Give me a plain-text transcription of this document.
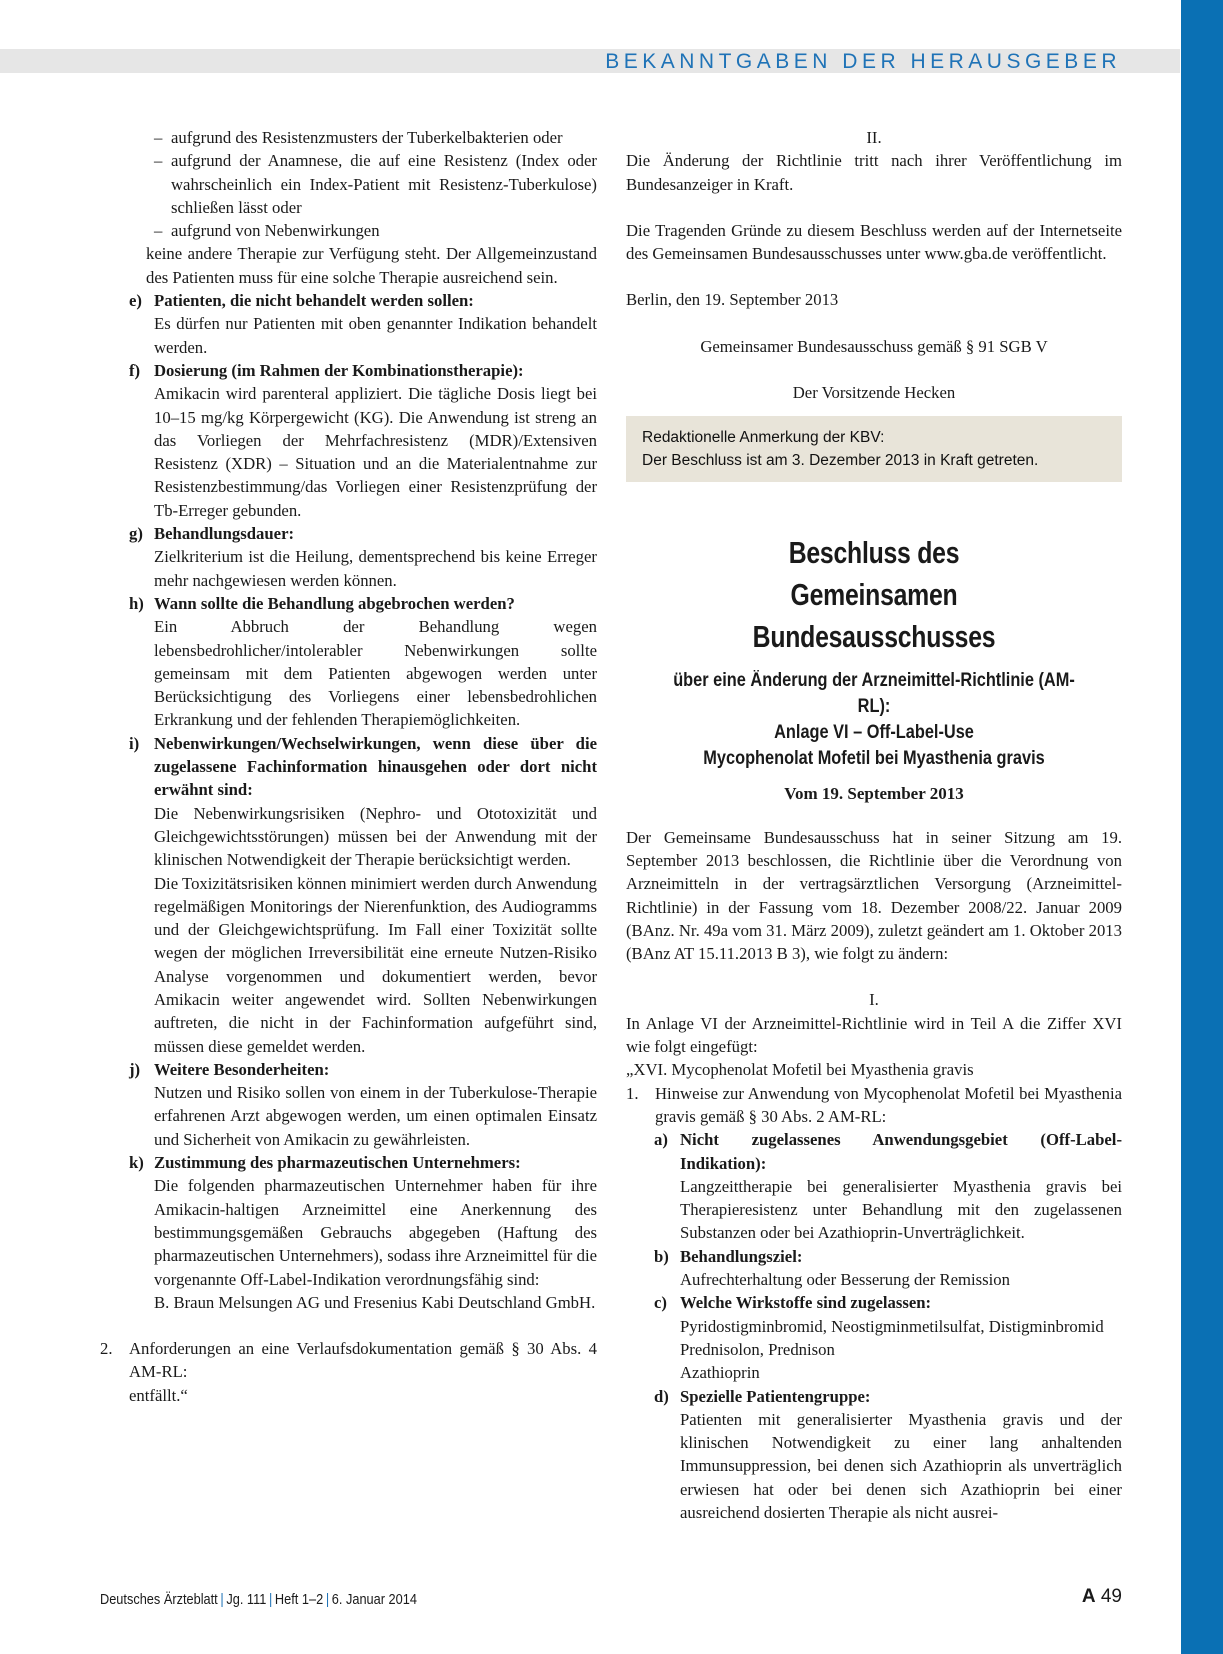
BEKANNTGABEN DER HERAUSGEBER
– aufgrund des Resistenzmusters der Tuberkelbakterien oder
– aufgrund der Anamnese, die auf eine Resistenz (Index oder wahrscheinlich ein Index-Patient mit Resistenz-Tuberkulose) schließen lässt oder
– aufgrund von Nebenwirkungen
keine andere Therapie zur Verfügung steht. Der Allgemeinzustand des Patienten muss für eine solche Therapie ausreichend sein.
e) Patienten, die nicht behandelt werden sollen:
Es dürfen nur Patienten mit oben genannter Indikation behandelt werden.
f) Dosierung (im Rahmen der Kombinationstherapie):
Amikacin wird parenteral appliziert. Die tägliche Dosis liegt bei 10–15 mg/kg Körpergewicht (KG). Die Anwendung ist streng an das Vorliegen der Mehrfachresistenz (MDR)/Extensiven Resistenz (XDR) – Situation und an die Materialentnahme zur Resistenzbestimmung/das Vorliegen einer Resistenzprüfung der Tb-Erreger gebunden.
g) Behandlungsdauer:
Zielkriterium ist die Heilung, dementsprechend bis keine Erreger mehr nachgewiesen werden können.
h) Wann sollte die Behandlung abgebrochen werden?
Ein Abbruch der Behandlung wegen lebensbedrohlicher/intolerabler Nebenwirkungen sollte gemeinsam mit dem Patienten abgewogen werden unter Berücksichtigung des Vorliegens einer lebensbedrohlichen Erkrankung und der fehlenden Therapiemöglichkeiten.
i) Nebenwirkungen/Wechselwirkungen, wenn diese über die zugelassene Fachinformation hinausgehen oder dort nicht erwähnt sind:
Die Nebenwirkungsrisiken (Nephro- und Ototoxizität und Gleichgewichtsstörungen) müssen bei der Anwendung mit der klinischen Notwendigkeit der Therapie berücksichtigt werden.
Die Toxizitätsrisiken können minimiert werden durch Anwendung regelmäßigen Monitorings der Nierenfunktion, des Audiogramms und der Gleichgewichtsprüfung. Im Fall einer Toxizität sollte wegen der möglichen Irreversibilität eine erneute Nutzen-Risiko Analyse vorgenommen und dokumentiert werden, bevor Amikacin weiter angewendet wird. Sollten Nebenwirkungen auftreten, die nicht in der Fachinformation aufgeführt sind, müssen diese gemeldet werden.
j) Weitere Besonderheiten:
Nutzen und Risiko sollen von einem in der Tuberkulose-Therapie erfahrenen Arzt abgewogen werden, um einen optimalen Einsatz und Sicherheit von Amikacin zu gewährleisten.
k) Zustimmung des pharmazeutischen Unternehmers:
Die folgenden pharmazeutischen Unternehmer haben für ihre Amikacin-haltigen Arzneimittel eine Anerkennung des bestimmungsgemäßen Gebrauchs abgegeben (Haftung des pharmazeutischen Unternehmers), sodass ihre Arzneimittel für die vorgenannte Off-Label-Indikation verordnungsfähig sind:
B. Braun Melsungen AG und Fresenius Kabi Deutschland GmbH.
2. Anforderungen an eine Verlaufsdokumentation gemäß § 30 Abs. 4 AM-RL:
entfällt.“
II.
Die Änderung der Richtlinie tritt nach ihrer Veröffentlichung im Bundesanzeiger in Kraft.
Die Tragenden Gründe zu diesem Beschluss werden auf der Internetseite des Gemeinsamen Bundesausschusses unter www.gba.de veröffentlicht.
Berlin, den 19. September 2013
Gemeinsamer Bundesausschuss gemäß § 91 SGB V
Der Vorsitzende Hecken
Redaktionelle Anmerkung der KBV:
Der Beschluss ist am 3. Dezember 2013 in Kraft getreten.
Beschluss des
Gemeinsamen Bundesausschusses
über eine Änderung der Arzneimittel-Richtlinie (AM-RL):
Anlage VI – Off-Label-Use
Mycophenolat Mofetil bei Myasthenia gravis
Vom 19. September 2013
Der Gemeinsame Bundesausschuss hat in seiner Sitzung am 19. September 2013 beschlossen, die Richtlinie über die Verordnung von Arzneimitteln in der vertragsärztlichen Versorgung (Arzneimittel-Richtlinie) in der Fassung vom 18. Dezember 2008/22. Januar 2009 (BAnz. Nr. 49a vom 31. März 2009), zuletzt geändert am 1. Oktober 2013 (BAnz AT 15.11.2013 B 3), wie folgt zu ändern:
I.
In Anlage VI der Arzneimittel-Richtlinie wird in Teil A die Ziffer XVI wie folgt eingefügt:
„XVI. Mycophenolat Mofetil bei Myasthenia gravis
1. Hinweise zur Anwendung von Mycophenolat Mofetil bei Myasthenia gravis gemäß § 30 Abs. 2 AM-RL:
a) Nicht zugelassenes Anwendungsgebiet (Off-Label-Indikation):
Langzeittherapie bei generalisierter Myasthenia gravis bei Therapieresistenz unter Behandlung mit den zugelassenen Substanzen oder bei Azathioprin-Unverträglichkeit.
b) Behandlungsziel:
Aufrechterhaltung oder Besserung der Remission
c) Welche Wirkstoffe sind zugelassen:
Pyridostigminbromid, Neostigminmetilsulfat, Distigminbromid
Prednisolon, Prednison
Azathioprin
d) Spezielle Patientengruppe:
Patienten mit generalisierter Myasthenia gravis und der klinischen Notwendigkeit zu einer lang anhaltenden Immunsuppression, bei denen sich Azathioprin als unverträglich erwiesen hat oder bei denen sich Azathioprin bei einer ausreichend dosierten Therapie als nicht ausrei-
Deutsches Ärzteblatt | Jg. 111 | Heft 1–2 | 6. Januar 2014	A 49
